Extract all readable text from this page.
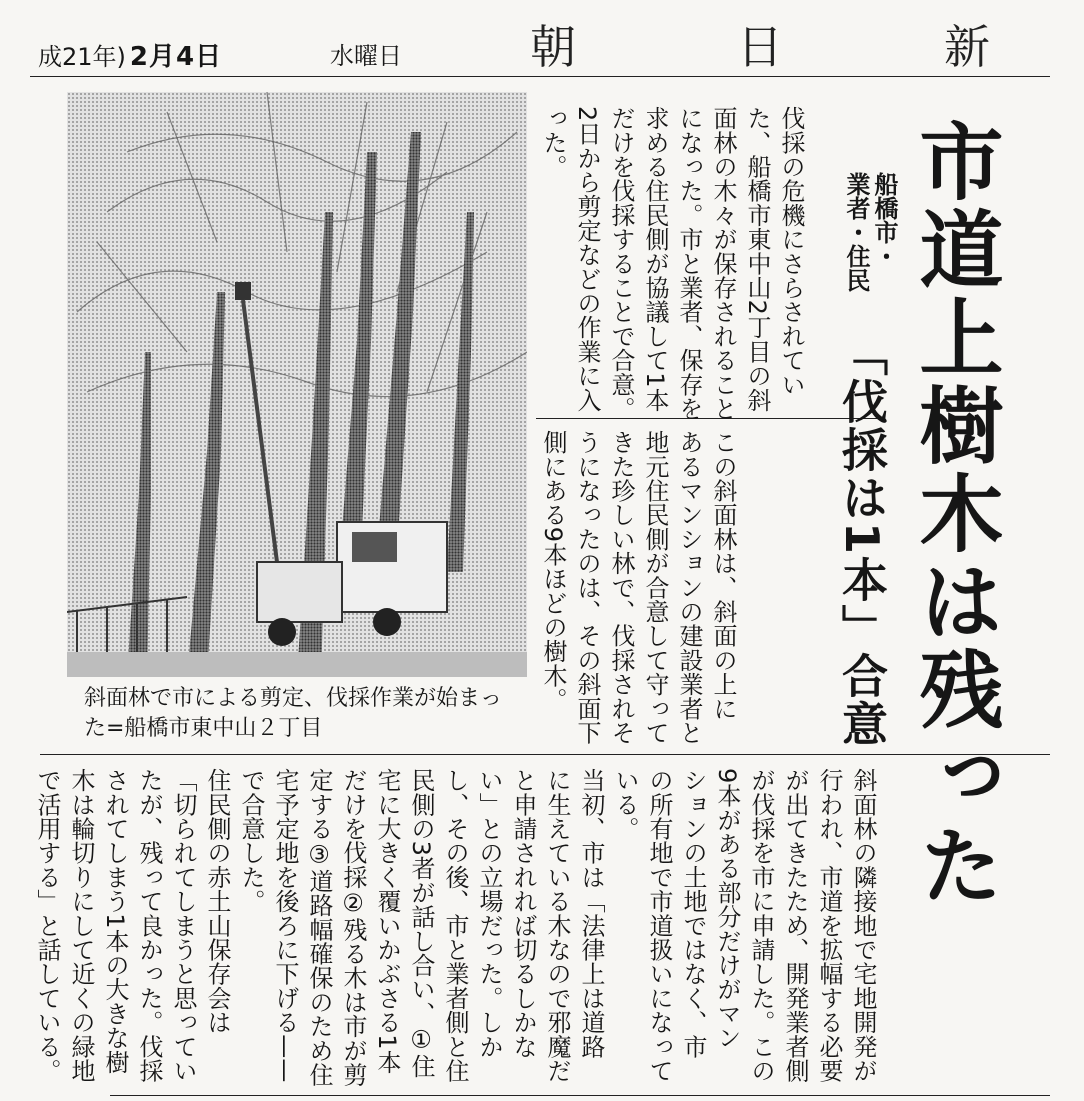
成21年) 2月4日	水曜日	朝	日	新
斜面林で市による剪定、伐採作業が始まった=船橋市東中山２丁目	市道上樹木は残った
船橋市・
業者・住民
「伐採は1本」合意
伐採の危機にさらされてい
た、船橋市東中山2丁目の斜
面林の木々が保存されること
になった。市と業者、保存を
求める住民側が協議して1本
だけを伐採することで合意。
2日から剪定などの作業に入
った。
この斜面林は、斜面の上に
あるマンションの建設業者と
地元住民側が合意して守って
きた珍しい林で、伐採されそ
うになったのは、その斜面下
側にある9本ほどの樹木。
斜面林の隣接地で宅地開発が
行われ、市道を拡幅する必要
が出てきたため、開発業者側
が伐採を市に申請した。この
9本がある部分だけがマン
ションの土地ではなく、市
の所有地で市道扱いになって
いる。
当初、市は「法律上は道路
に生えている木なので邪魔だ
と申請されれば切るしかな
い」との立場だった。しか
し、その後、市と業者側と住
民側の3者が話し合い、①住
宅に大きく覆いかぶさる1本
だけを伐採②残る木は市が剪
定する③道路幅確保のため住
宅予定地を後ろに下げる——
で合意した。
住民側の赤土山保存会は
「切られてしまうと思ってい
たが、残って良かった。伐採
されてしまう1本の大きな樹
木は輪切りにして近くの緑地
で活用する」と話している。
